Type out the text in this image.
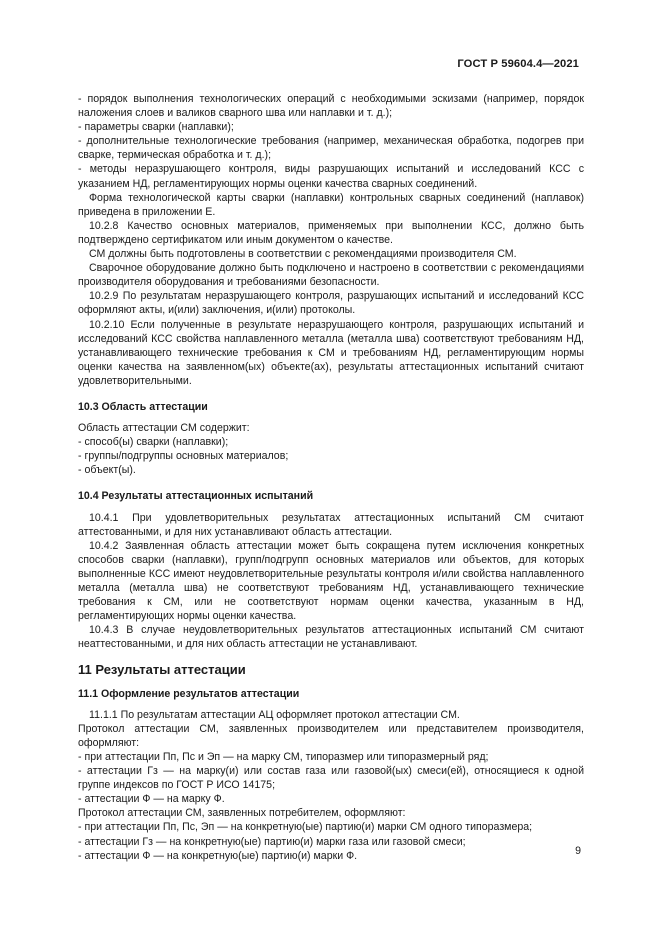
ГОСТ Р 59604.4—2021

- порядок выполнения технологических операций с необходимыми эскизами (например, порядок наложения слоев и валиков сварного шва или наплавки и т. д.);

- параметры сварки (наплавки);

- дополнительные технологические требования (например, механическая обработка, подогрев при сварке, термическая обработка и т. д.);

- методы неразрушающего контроля, виды разрушающих испытаний и исследований КСС с указанием НД, регламентирующих нормы оценки качества сварных соединений.

Форма технологической карты сварки (наплавки) контрольных сварных соединений (наплавок) приведена в приложении Е.

10.2.8 Качество основных материалов, применяемых при выполнении КСС, должно быть подтверждено сертификатом или иным документом о качестве.

СМ должны быть подготовлены в соответствии с рекомендациями производителя СМ.

Сварочное оборудование должно быть подключено и настроено в соответствии с рекомендациями производителя оборудования и требованиями безопасности.

10.2.9 По результатам неразрушающего контроля, разрушающих испытаний и исследований КСС оформляют акты, и(или) заключения, и(или) протоколы.

10.2.10 Если полученные в результате неразрушающего контроля, разрушающих испытаний и исследований КСС свойства наплавленного металла (металла шва) соответствуют требованиям НД, устанавливающего технические требования к СМ и требованиям НД, регламентирующим нормы оценки качества на заявленном(ых) объекте(ах), результаты аттестационных испытаний считают удовлетворительными.

10.3 Область аттестации

Область аттестации СМ содержит:

- способ(ы) сварки (наплавки);

- группы/подгруппы основных материалов;

- объект(ы).

10.4 Результаты аттестационных испытаний

10.4.1 При удовлетворительных результатах аттестационных испытаний СМ считают аттестованными, и для них устанавливают область аттестации.

10.4.2 Заявленная область аттестации может быть сокращена путем исключения конкретных способов сварки (наплавки), групп/подгрупп основных материалов или объектов, для которых выполненные КСС имеют неудовлетворительные результаты контроля и/или свойства наплавленного металла (металла шва) не соответствуют требованиям НД, устанавливающего технические требования к СМ, или не соответствуют нормам оценки качества, указанным в НД, регламентирующих нормы оценки качества.

10.4.3 В случае неудовлетворительных результатов аттестационных испытаний СМ считают неаттестованными, и для них область аттестации не устанавливают.

11 Результаты аттестации

11.1 Оформление результатов аттестации

11.1.1 По результатам аттестации АЦ оформляет протокол аттестации СМ.

Протокол аттестации СМ, заявленных производителем или представителем производителя, оформляют:

- при аттестации Пп, Пс и Эп — на марку СМ, типоразмер или типоразмерный ряд;

- аттестации Гз — на марку(и) или состав газа или газовой(ых) смеси(ей), относящиеся к одной группе индексов по ГОСТ Р ИСО 14175;

- аттестации Ф — на марку Ф.

Протокол аттестации СМ, заявленных потребителем, оформляют:

- при аттестации Пп, Пс, Эп — на конкретную(ые) партию(и) марки СМ одного типоразмера;

- аттестации Гз — на конкретную(ые) партию(и) марки газа или газовой смеси;

- аттестации Ф — на конкретную(ые) партию(и) марки Ф.	9
